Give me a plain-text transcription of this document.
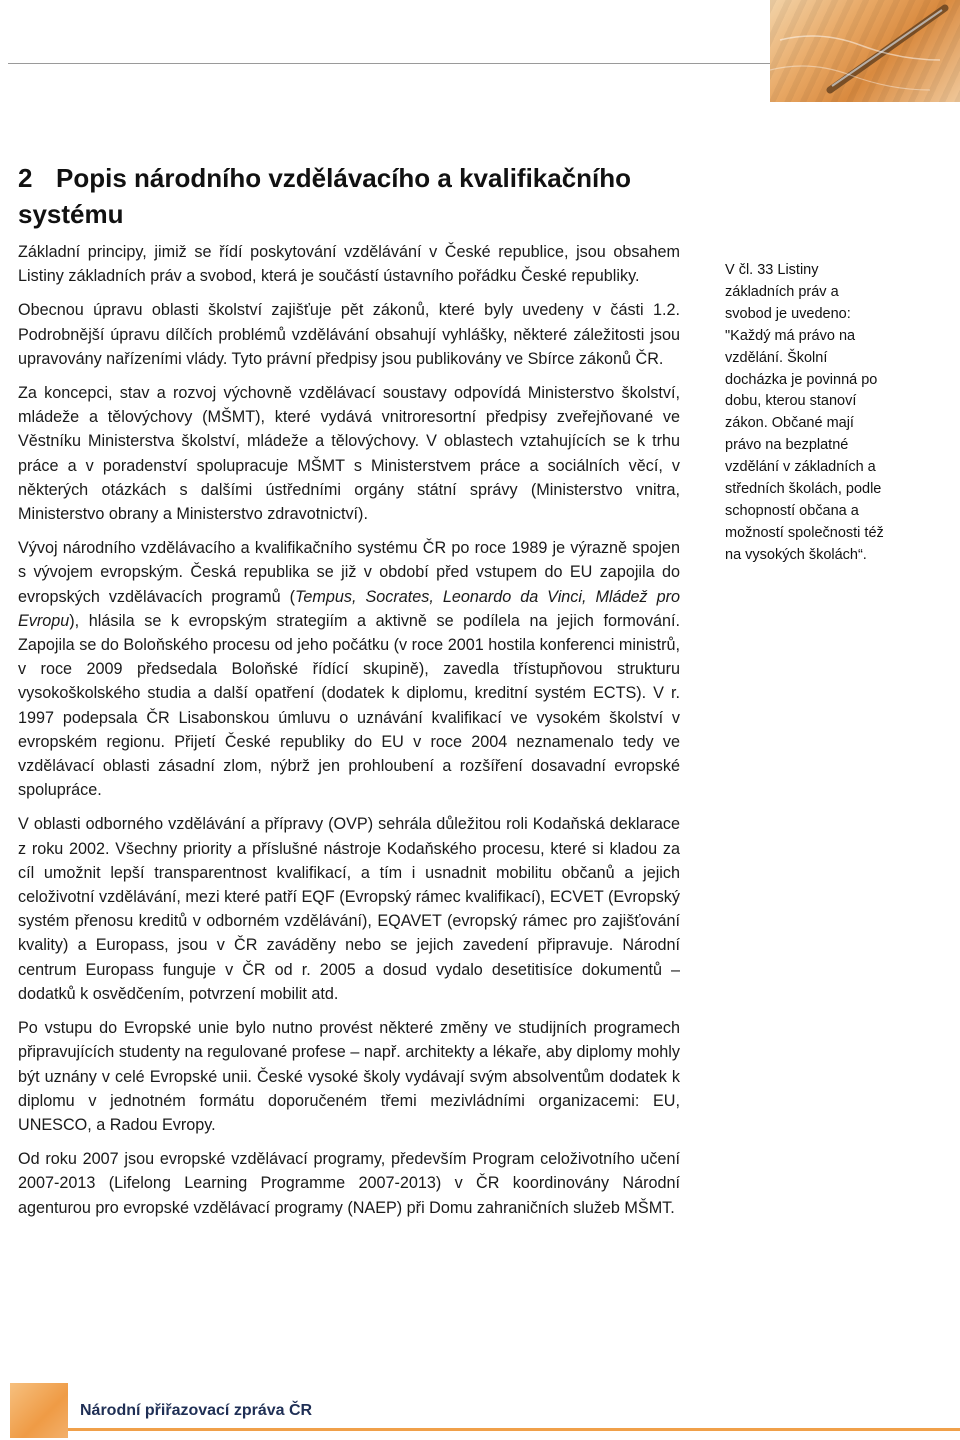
2 Popis národního vzdělávacího a kvalifikačního systému

Základní principy, jimiž se řídí poskytování vzdělávání v České republice, jsou obsahem Listiny základních práv a svobod, která je součástí ústavního pořádku České republiky.

Obecnou úpravu oblasti školství zajišťuje pět zákonů, které byly uvedeny v části 1.2. Podrobnější úpravu dílčích problémů vzdělávání obsahují vyhlášky, některé záležitosti jsou upravovány nařízeními vlády. Tyto právní předpisy jsou publikovány ve Sbírce zákonů ČR.

Za koncepci, stav a rozvoj výchovně vzdělávací soustavy odpovídá Ministerstvo školství, mládeže a tělovýchovy (MŠMT), které vydává vnitroresortní předpisy zveřejňované ve Věstníku Ministerstva školství, mládeže a tělovýchovy. V oblastech vztahujících se k trhu práce a v poradenství spolupracuje MŠMT s Ministerstvem práce a sociálních věcí, v některých otázkách s dalšími ústředními orgány státní správy (Ministerstvo vnitra, Ministerstvo obrany a Ministerstvo zdravotnictví).

Vývoj národního vzdělávacího a kvalifikačního systému ČR po roce 1989 je výrazně spojen s vývojem evropským. Česká republika se již v období před vstupem do EU zapojila do evropských vzdělávacích programů (Tempus, Socrates, Leonardo da Vinci, Mládež pro Evropu), hlásila se k evropským strategiím a aktivně se podílela na jejich formování. Zapojila se do Boloňského procesu od jeho počátku (v roce 2001 hostila konferenci ministrů, v roce 2009 předsedala Boloňské řídící skupině), zavedla třístupňovou strukturu vysokoškolského studia a další opatření (dodatek k diplomu, kreditní systém ECTS). V r. 1997 podepsala ČR Lisabonskou úmluvu o uznávání kvalifikací ve vysokém školství v evropském regionu. Přijetí České republiky do EU v roce 2004 neznamenalo tedy ve vzdělávací oblasti zásadní zlom, nýbrž jen prohloubení a rozšíření dosavadní evropské spolupráce.

V oblasti odborného vzdělávání a přípravy (OVP) sehrála důležitou roli Kodaňská deklarace z roku 2002. Všechny priority a příslušné nástroje Kodaňského procesu, které si kladou za cíl umožnit lepší transparentnost kvalifikací, a tím i usnadnit mobilitu občanů a jejich celoživotní vzdělávání, mezi které patří EQF (Evropský rámec kvalifikací), ECVET (Evropský systém přenosu kreditů v odborném vzdělávání), EQAVET (evropský rámec pro zajišťování kvality) a Europass, jsou v ČR zaváděny nebo se jejich zavedení připravuje. Národní centrum Europass funguje v ČR od r. 2005 a dosud vydalo desetitisíce dokumentů – dodatků k osvědčením, potvrzení mobilit atd.

Po vstupu do Evropské unie bylo nutno provést některé změny ve studijních programech připravujících studenty na regulované profese – např. architekty a lékaře, aby diplomy mohly být uznány v celé Evropské unii. České vysoké školy vydávají svým absolventům dodatek k diplomu v jednotném formátu doporučeném třemi mezivládními organizacemi: EU, UNESCO, a Radou Evropy.

Od roku 2007 jsou evropské vzdělávací programy, především Program celoživotního učení 2007-2013 (Lifelong Learning Programme 2007-2013) v ČR koordinovány Národní agenturou pro evropské vzdělávací programy (NAEP) při Domu zahraničních služeb MŠMT.

V čl. 33 Listiny základních práv a svobod je uvedeno: "Každý má právo na vzdělání. Školní docházka je povinná po dobu, kterou stanoví zákon. Občané mají právo na bezplatné vzdělání v základních a středních školách, podle schopností občana a možností společnosti též na vysokých školách“.
Národní přiřazovací zpráva ČR
